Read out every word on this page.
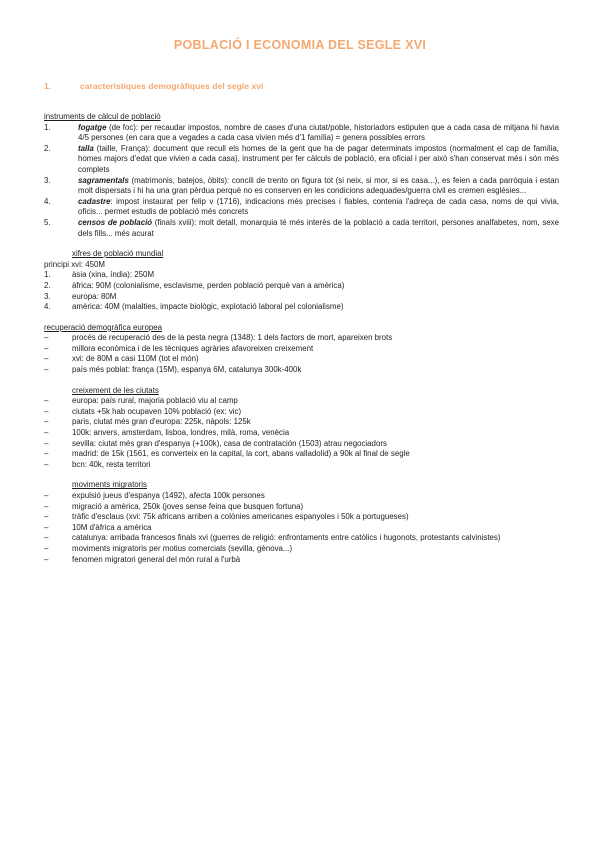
POBLACIÓ I ECONOMIA DEL SEGLE XVI
1.	característiques demogràfiques del segle xvi
instruments de càlcul de població
1.	fogatge (de foc): per recaudar impostos, nombre de cases d'una ciutat/poble, historiadors estipulen que a cada casa de mitjana hi havia 4/5 persones (en cara que a vegades a cada casa vivien més d'1 família) = genera possibles errors
2.	talla (taille, França): document que recull els homes de la gent que ha de pagar determinats impostos (normalment el cap de família, homes majors d'edat que vivien a cada casa), instrument per fer càlculs de població, era oficial i per això s'han conservat més i són més complets
3.	sagramentals (matrimonis, batejos, òbits): concili de trento on figura tot (si neix, si mor, si es casa...), es feien a cada parròquia i estan molt dispersats i hi ha una gran pèrdua perquè no es conserven en les condicions adequades/guerra civil es cremen esglésies...
4.	cadastre: impost instaurat per felip v (1716), indicacions més precises i fiables, contenia l'adreça de cada casa, noms de qui vivia, oficis... permet estudis de població més concrets
5.	censos de població (finals xviii): molt detall, monarquia té més interès de la població a cada territori, persones analfabetes, nom, sexe dels fills... més acurat
xifres de població mundial
principi xvi: 450M
1.	àsia (xina, índia): 250M
2.	àfrica: 90M (colonialisme, esclavisme, perden població perquè van a amèrica)
3.	europa: 80M
4.	amèrica: 40M (malalties, impacte biològic, explotació laboral pel colonialisme)
recuperació demogràfica europea
–	procés de recuperació des de la pesta negra (1348): 1 dels factors de mort, apareixen brots
–	millora econòmica i de les tècniques agràries afavoreixen creixement
–	xvi: de 80M a casi 110M (tot el món)
–	país més poblat: frança (15M), espanya 6M, catalunya 300k-400k
creixement de les ciutats
–	europa: país rural, majoria població viu al camp
–	ciutats +5k hab ocupaven 10% població (ex: vic)
–	paris, ciutat més gran d'europa: 225k, nàpols: 125k
–	100k: anvers, amsterdam, lisboa, londres, milà, roma, venècia
–	sevilla: ciutat més gran d'espanya (+100k), casa de contratación (1503) atrau negociadors
–	madrid: de 15k (1561, es converteix en la capital, la cort, abans valladolid) a 90k al final de segle
–	bcn: 40k, resta territori
moviments migratoris
–	expulsió jueus d'espanya (1492), afecta 100k persones
–	migració a amèrica, 250k (joves sense feina que busquen fortuna)
–	tràfic d'esclaus (xvi: 75k africans arriben a colònies americanes espanyoles i 50k a portugueses)
–	10M d'àfrica a amèrica
–	catalunya: arribada francesos finals xvi (guerres de religió: enfrontaments entre catòlics i hugonots, protestants calvinistes)
–	moviments migratoris per motius comercials (sevilla, gènova...)
–	fenomen migratori general del món rural a l'urbà
